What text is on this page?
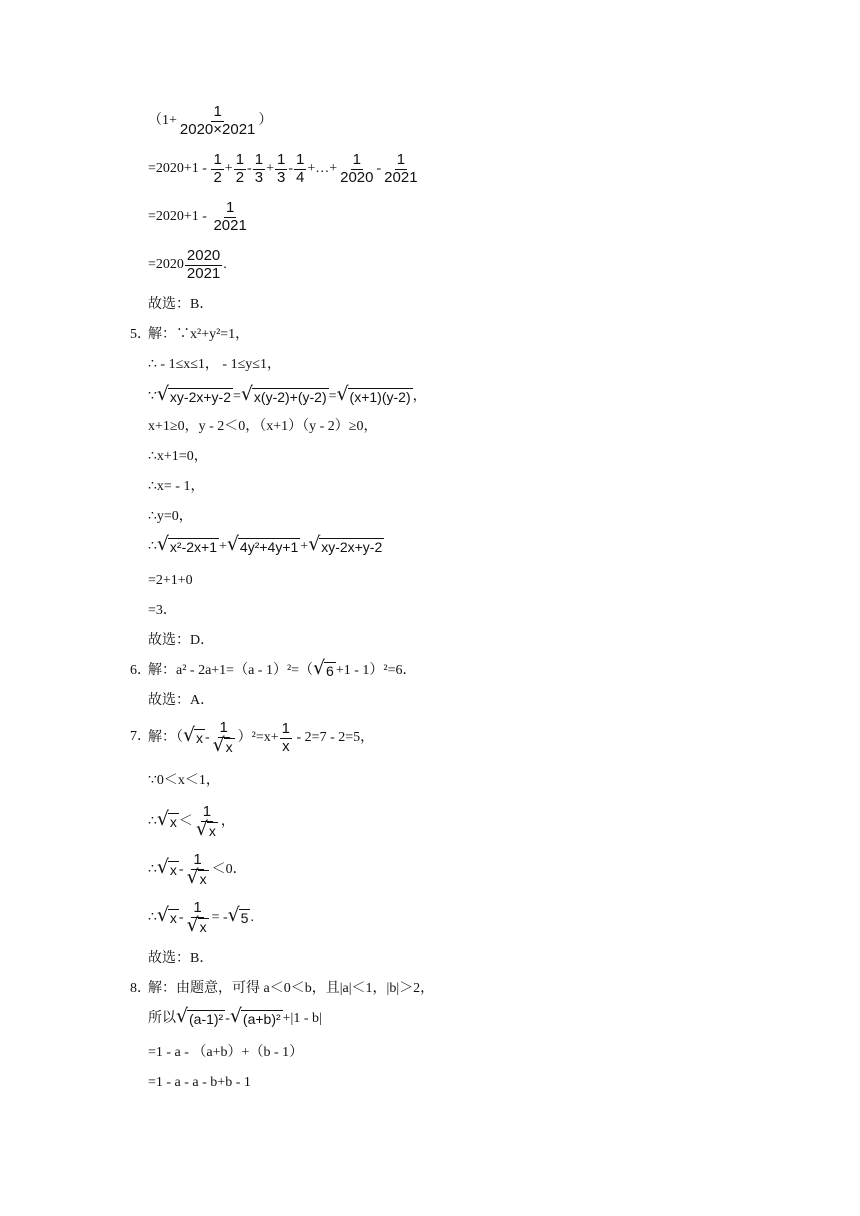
（$1+ \frac{1}{2020\times 2021}$ ）
$=2020+1 - \frac{1}{2} + \frac{1}{2} - \frac{1}{3} + \frac{1}{3} - \frac{1}{4}$ +…+ $\frac{1}{2020} - \frac{1}{2021}$
$=2020+1 - \frac{1}{2021}$
$=2020 \frac{2020}{2021}$ .
故选：B．
5．
解：∵x²+y²=1，
∴ - 1≤x≤1， - 1≤y≤1，
∵ √ xy-2x+y-2 = √ x(y-2)+(y-2) = √ (x+1)(y-2) ，
x+1≥0，y - 2＜0，（x+1）（y - 2）≥0，
∴x+1=0，
∴x= - 1，
∴y=0，
∴ √ x²-2x+1 + √ 4y²+4y+1 + √ xy-2x+y-2
=2+1+0
=3．
故选：D．
6．
解：a² - 2a+1=（a - 1）²=（ √ 6 +1 - 1）²=6．
故选：A．
7．
解：（ √ x - 1
√ x ）$^2=x+ \frac{1}{x} - 2=7 - 2=5$，
∵0＜x＜1，
∴ √ x ＜ 1
√ x ，
∴ √ x - 1
√ x ＜0．
∴ √ x - 1
√ x = - √ 5 .
故选：B．
8．
解：由题意，可得 a＜0＜b，且|a|＜1，|b|＞2，
所以 √ (a-1)² - √ (a+b)² +|1 - b|
=1 - a - （a+b）+（b - 1）
=1 - a - a - b+b - 1
